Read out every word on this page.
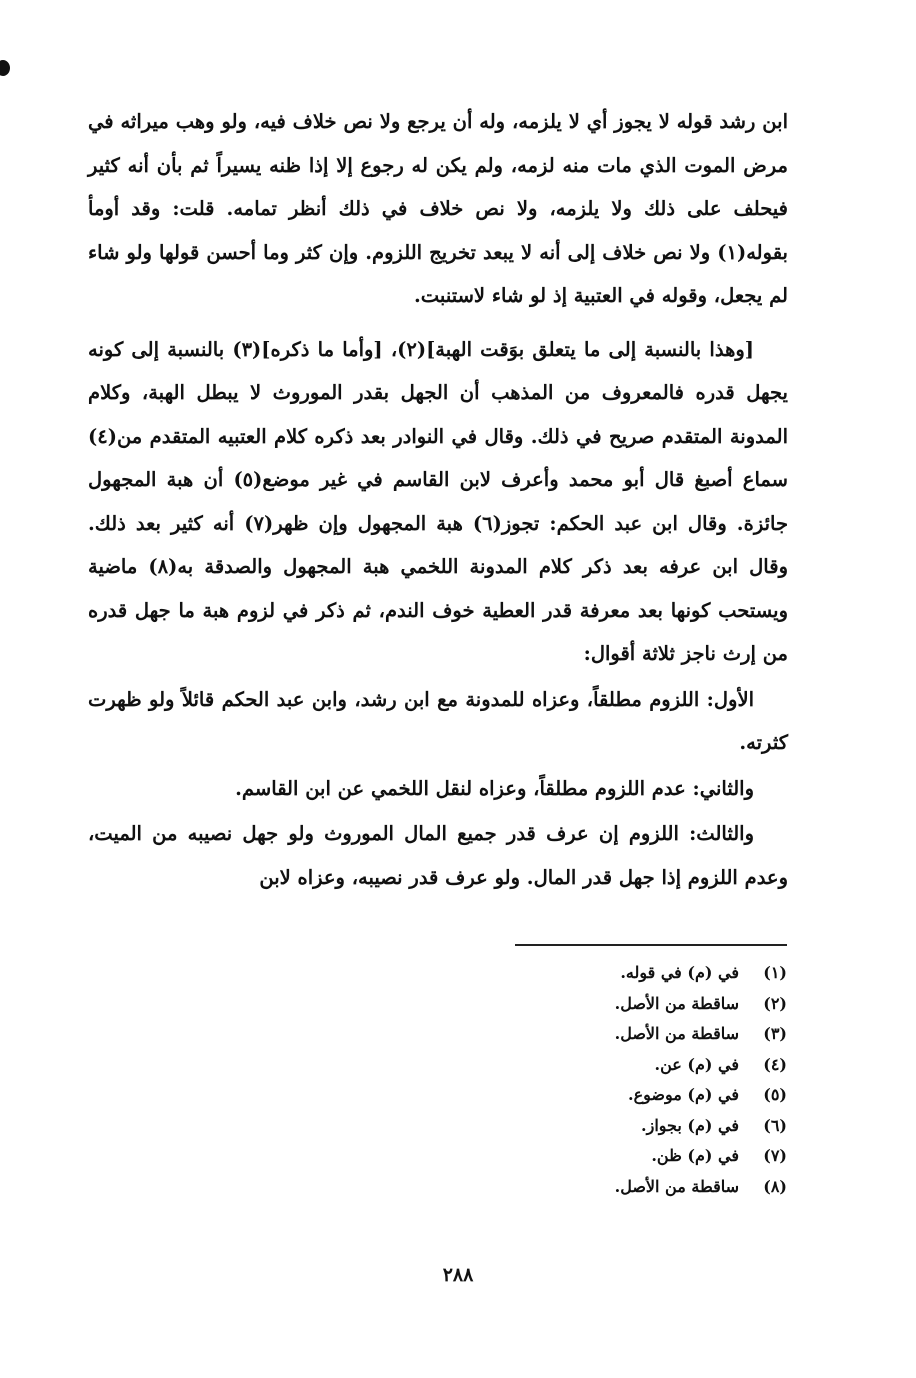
ابن رشد قوله لا يجوز أي لا يلزمه، وله أن يرجع ولا نص خلاف فيه، ولو وهب ميراثه في مرض الموت الذي مات منه لزمه، ولم يكن له رجوع إلا إذا ظنه يسيراً ثم بأن أنه كثير فيحلف على ذلك ولا يلزمه، ولا نص خلاف في ذلك أنظر تمامه. قلت: وقد أومأ بقوله(١) ولا نص خلاف إلى أنه لا يبعد تخريج اللزوم. وإن كثر وما أحسن قولها ولو شاء لم يجعل، وقوله في العتبية إذ لو شاء لاستنبت.

[وهذا بالنسبة إلى ما يتعلق بوَقت الهبة](٢)، [وأما ما ذكره](٣) بالنسبة إلى كونه يجهل قدره فالمعروف من المذهب أن الجهل بقدر الموروث لا يبطل الهبة، وكلام المدونة المتقدم صريح في ذلك. وقال في النوادر بعد ذكره كلام العتبيه المتقدم من(٤) سماع أصبغ قال أبو محمد وأعرف لابن القاسم في غير موضع(٥) أن هبة المجهول جائزة. وقال ابن عبد الحكم: تجوز(٦) هبة المجهول وإن ظهر(٧) أنه كثير بعد ذلك. وقال ابن عرفه بعد ذكر كلام المدونة اللخمي هبة المجهول والصدقة به(٨) ماضية ويستحب كونها بعد معرفة قدر العطية خوف الندم، ثم ذكر في لزوم هبة ما جهل قدره من إرث ناجز ثلاثة أقوال:

الأول: اللزوم مطلقاً، وعزاه للمدونة مع ابن رشد، وابن عبد الحكم قائلاً ولو ظهرت كثرته.

والثاني: عدم اللزوم مطلقاً، وعزاه لنقل اللخمي عن ابن القاسم.

والثالث: اللزوم إن عرف قدر جميع المال الموروث ولو جهل نصيبه من الميت، وعدم اللزوم إذا جهل قدر المال. ولو عرف قدر نصيبه، وعزاه لابن

(١)
في (م) في قوله.
(٢)
ساقطة من الأصل.
(٣)
ساقطة من الأصل.
(٤)
في (م) عن.
(٥)
في (م) موضوع.
(٦)
في (م) بجواز.
(٧)
في (م) ظن.
(٨)
ساقطة من الأصل.
٢٨٨
